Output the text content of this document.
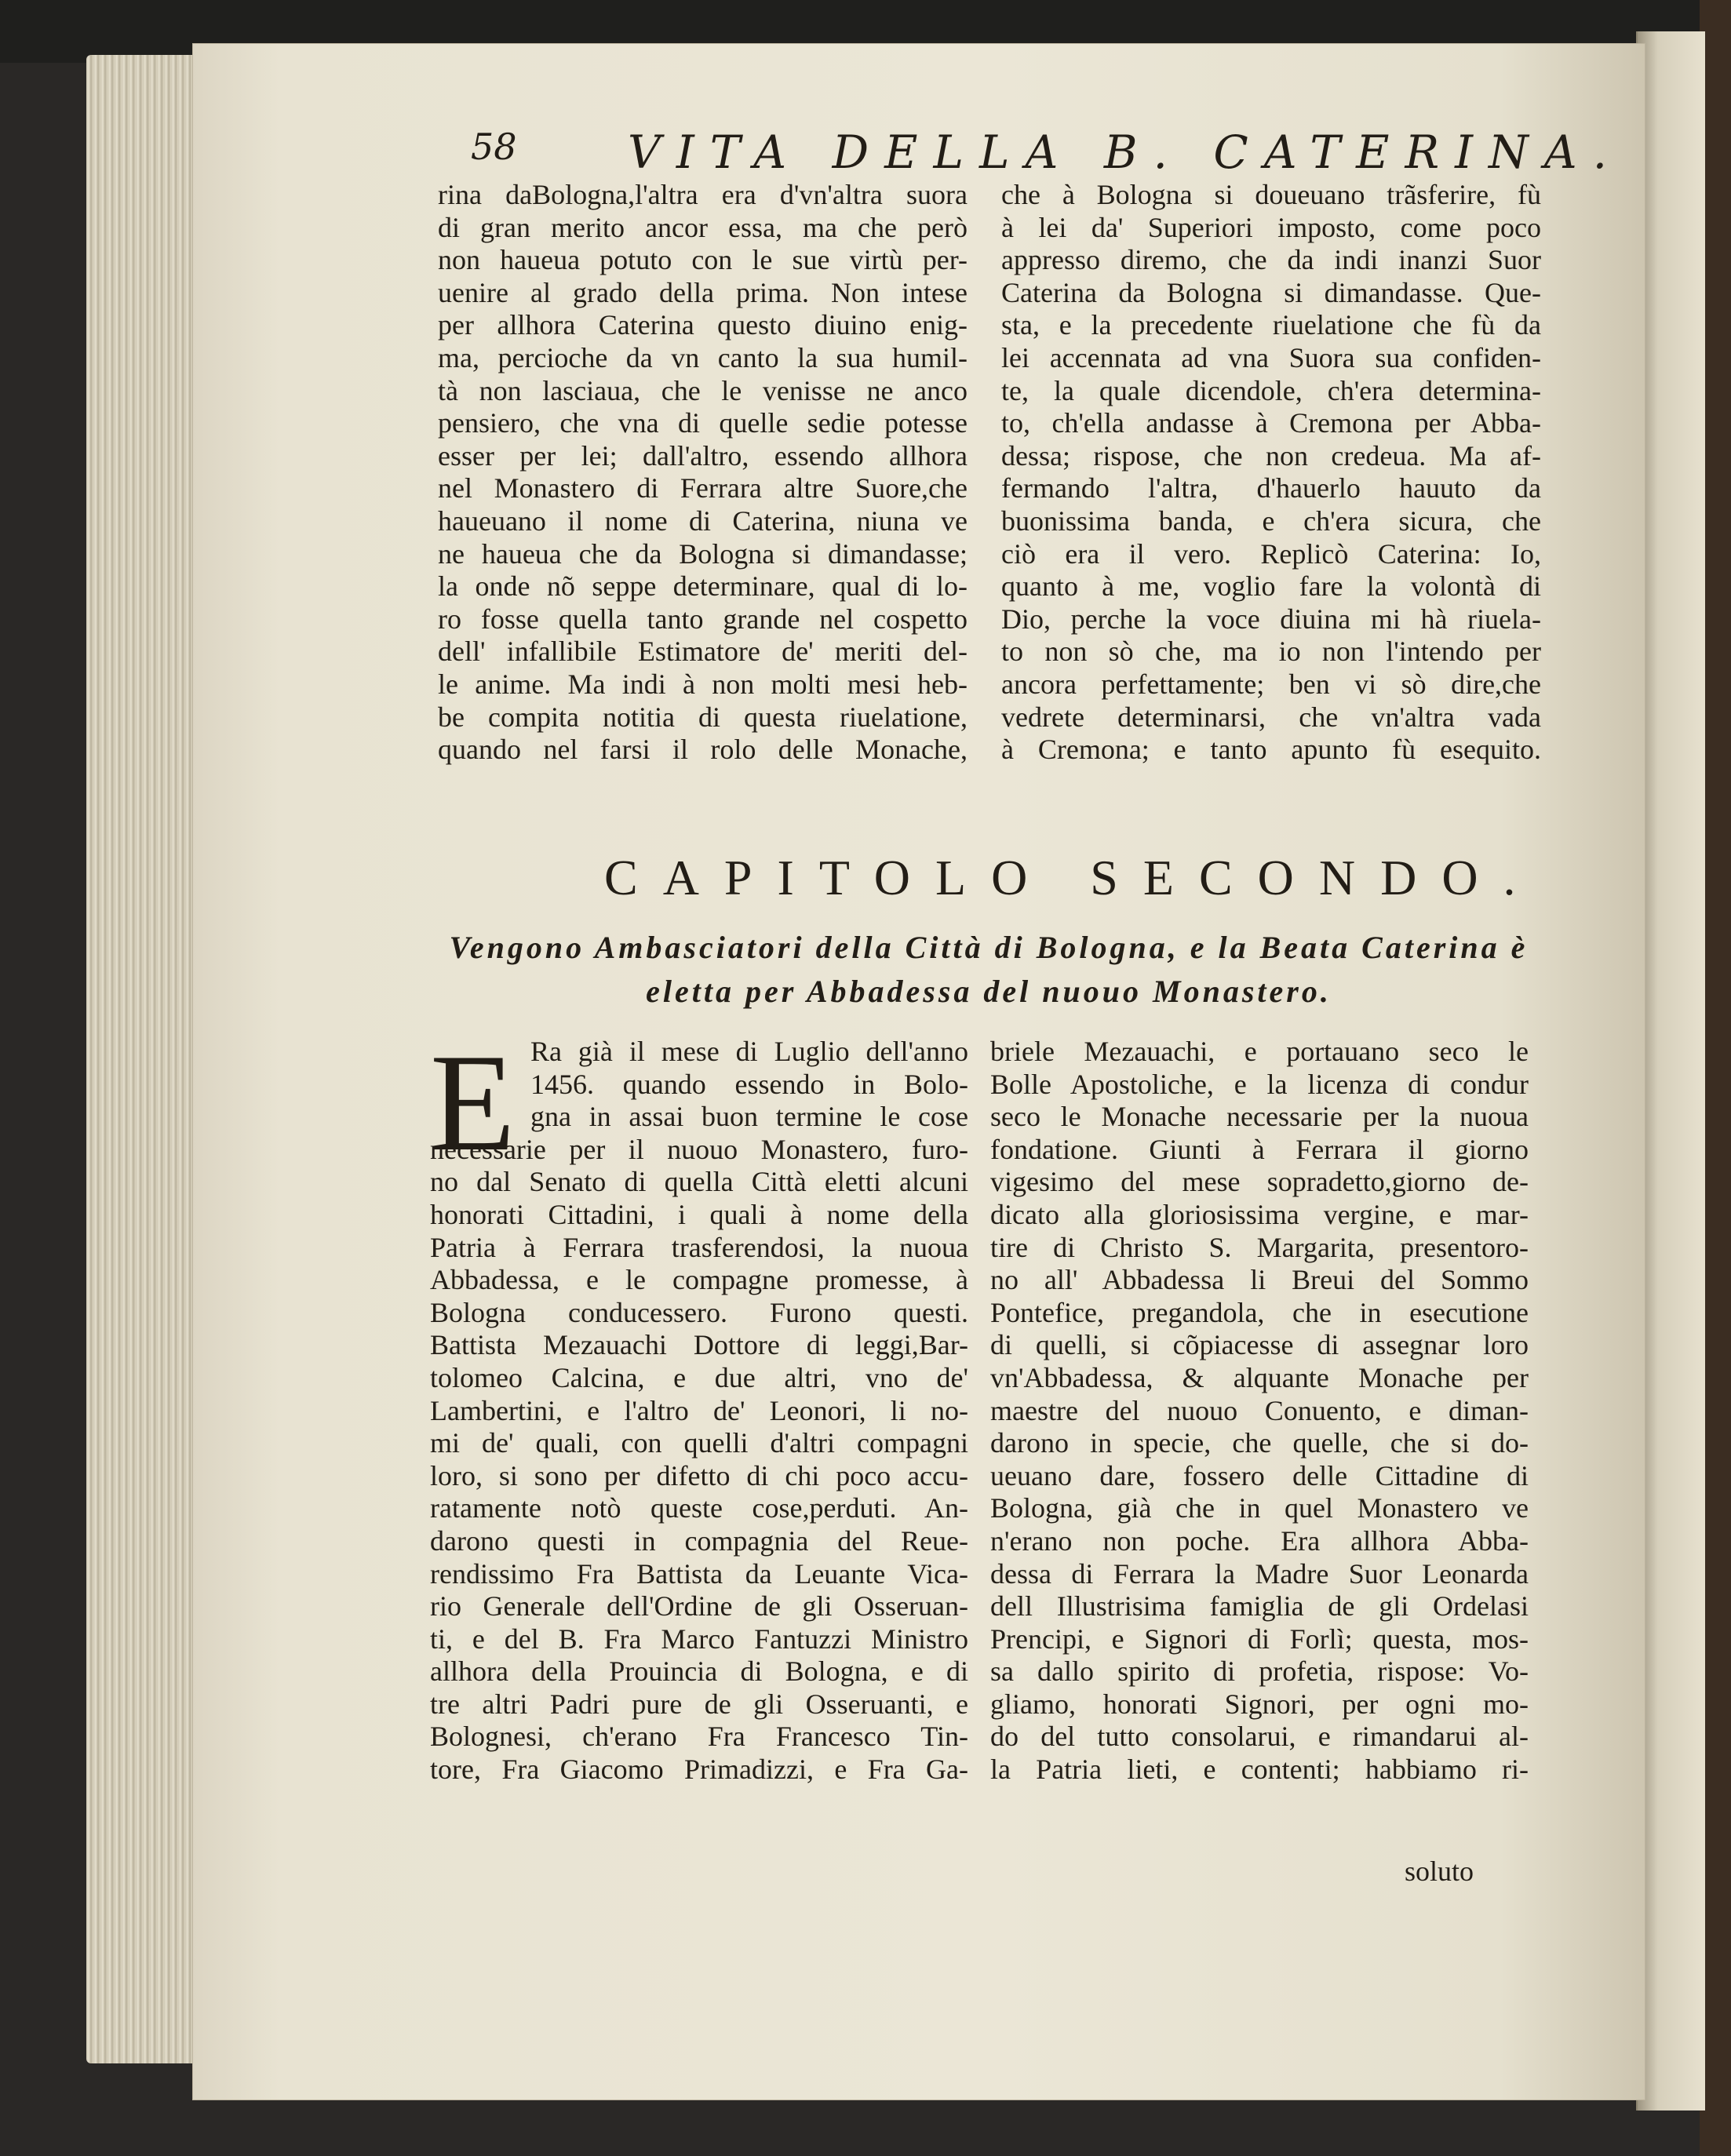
58 VITA DELLA B. CATERINA.
rina daBologna,l'altra era d'vn'altra suora
di gran merito ancor essa, ma che però
non haueua potuto con le sue virtù per-
uenire al grado della prima. Non intese
per allhora Caterina questo diuino enig-
ma, percioche da vn canto la sua humil-
tà non lasciaua, che le venisse ne anco
pensiero, che vna di quelle sedie potesse
esser per lei; dall'altro, essendo allhora
nel Monastero di Ferrara altre Suore,che
haueuano il nome di Caterina, niuna ve
ne haueua che da Bologna si dimandasse;
la onde nõ seppe determinare, qual di lo-
ro fosse quella tanto grande nel cospetto
dell' infallibile Estimatore de' meriti del-
le anime. Ma indi à non molti mesi heb-
be compita notitia di questa riuelatione,
quando nel farsi il rolo delle Monache,
che à Bologna si doueuano trãsferire, fù
à lei da' Superiori imposto, come poco
appresso diremo, che da indi inanzi Suor
Caterina da Bologna si dimandasse. Que-
sta, e la precedente riuelatione che fù da
lei accennata ad vna Suora sua confiden-
te, la quale dicendole, ch'era determina-
to, ch'ella andasse à Cremona per Abba-
dessa; rispose, che non credeua. Ma af-
fermando l'altra, d'hauerlo hauuto da
buonissima banda, e ch'era sicura, che
ciò era il vero. Replicò Caterina: Io,
quanto à me, voglio fare la volontà di
Dio, perche la voce diuina mi hà riuela-
to non sò che, ma io non l'intendo per
ancora perfettamente; ben vi sò dire,che
vedrete determinarsi, che vn'altra vada
à Cremona; e tanto apunto fù esequito.
CAPITOLO SECONDO.
Vengono Ambasciatori della Città di Bologna, e la Beata Caterina è
eletta per Abbadessa del nuouo Monastero.
E Ra già il mese di Luglio dell'anno
1456. quando essendo in Bolo-
gna in assai buon termine le cose
necessarie per il nuouo Monastero, furo-
no dal Senato di quella Città eletti alcuni
honorati Cittadini, i quali à nome della
Patria à Ferrara trasferendosi, la nuoua
Abbadessa, e le compagne promesse, à
Bologna conducessero. Furono questi.
Battista Mezauachi Dottore di leggi,Bar-
tolomeo Calcina, e due altri, vno de'
Lambertini, e l'altro de' Leonori, li no-
mi de' quali, con quelli d'altri compagni
loro, si sono per difetto di chi poco accu-
ratamente notò queste cose,perduti. An-
darono questi in compagnia del Reue-
rendissimo Fra Battista da Leuante Vica-
rio Generale dell'Ordine de gli Osseruan-
ti, e del B. Fra Marco Fantuzzi Ministro
allhora della Prouincia di Bologna, e di
tre altri Padri pure de gli Osseruanti, e
Bolognesi, ch'erano Fra Francesco Tin-
tore, Fra Giacomo Primadizzi, e Fra Ga-
briele Mezauachi, e portauano seco le
Bolle Apostoliche, e la licenza di condur
seco le Monache necessarie per la nuoua
fondatione. Giunti à Ferrara il giorno
vigesimo del mese sopradetto,giorno de-
dicato alla gloriosissima vergine, e mar-
tire di Christo S. Margarita, presentoro-
no all' Abbadessa li Breui del Sommo
Pontefice, pregandola, che in esecutione
di quelli, si cõpiacesse di assegnar loro
vn'Abbadessa, & alquante Monache per
maestre del nuouo Conuento, e diman-
darono in specie, che quelle, che si do-
ueuano dare, fossero delle Cittadine di
Bologna, già che in quel Monastero ve
n'erano non poche. Era allhora Abba-
dessa di Ferrara la Madre Suor Leonarda
dell Illustrisima famiglia de gli Ordelasi
Prencipi, e Signori di Forlì; questa, mos-
sa dallo spirito di profetia, rispose: Vo-
gliamo, honorati Signori, per ogni mo-
do del tutto consolarui, e rimandarui al-
la Patria lieti, e contenti; habbiamo ri-
soluto
